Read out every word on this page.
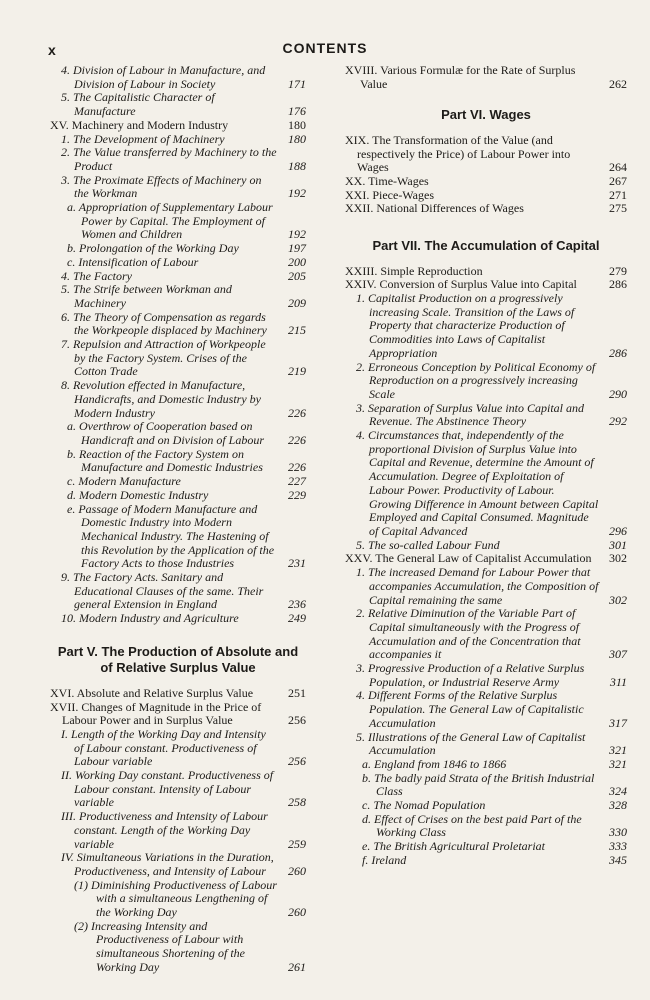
x	CONTENTS
4. Division of Labour in Manufacture, and Division of Labour in Society	171
5. The Capitalistic Character of Manufacture	176
XV. Machinery and Modern Industry	180
1. The Development of Machinery	180
2. The Value transferred by Machinery to the Product	188
3. The Proximate Effects of Machinery on the Workman	192
a. Appropriation of Supplementary Labour Power by Capital. The Employment of Women and Children	192
b. Prolongation of the Working Day	197
c. Intensification of Labour	200
4. The Factory	205
5. The Strife between Workman and Machinery	209
6. The Theory of Compensation as regards the Workpeople displaced by Machinery	215
7. Repulsion and Attraction of Workpeople by the Factory System. Crises of the Cotton Trade	219
8. Revolution effected in Manufacture, Handicrafts, and Domestic Industry by Modern Industry	226
a. Overthrow of Cooperation based on Handicraft and on Division of Labour	226
b. Reaction of the Factory System on Manufacture and Domestic Industries	226
c. Modern Manufacture	227
d. Modern Domestic Industry	229
e. Passage of Modern Manufacture and Domestic Industry into Modern Mechanical Industry. The Hastening of this Revolution by the Application of the Factory Acts to those Industries	231
9. The Factory Acts. Sanitary and Educational Clauses of the same. Their general Extension in England	236
10. Modern Industry and Agriculture	249
Part V. The Production of Absolute and of Relative Surplus Value
XVI. Absolute and Relative Surplus Value	251
XVII. Changes of Magnitude in the Price of Labour Power and in Surplus Value	256
I. Length of the Working Day and Intensity of Labour constant. Productiveness of Labour variable	256
II. Working Day constant. Productiveness of Labour constant. Intensity of Labour variable	258
III. Productiveness and Intensity of Labour constant. Length of the Working Day variable	259
IV. Simultaneous Variations in the Duration, Productiveness, and Intensity of Labour	260
(1) Diminishing Productiveness of Labour with a simultaneous Lengthening of the Working Day	260
(2) Increasing Intensity and Productiveness of Labour with simultaneous Shortening of the Working Day	261
XVIII. Various Formulæ for the Rate of Surplus Value	262
Part VI. Wages
XIX. The Transformation of the Value (and respectively the Price) of Labour Power into Wages	264
XX. Time-Wages	267
XXI. Piece-Wages	271
XXII. National Differences of Wages	275
Part VII. The Accumulation of Capital
XXIII. Simple Reproduction	279
XXIV. Conversion of Surplus Value into Capital	286
1. Capitalist Production on a progressively increasing Scale. Transition of the Laws of Property that characterize Production of Commodities into Laws of Capitalist Appropriation	286
2. Erroneous Conception by Political Economy of Reproduction on a progressively increasing Scale	290
3. Separation of Surplus Value into Capital and Revenue. The Abstinence Theory	292
4. Circumstances that, independently of the proportional Division of Surplus Value into Capital and Revenue, determine the Amount of Accumulation. Degree of Exploitation of Labour Power. Productivity of Labour. Growing Difference in Amount between Capital Employed and Capital Consumed. Magnitude of Capital Advanced	296
5. The so-called Labour Fund	301
XXV. The General Law of Capitalist Accumulation	302
1. The increased Demand for Labour Power that accompanies Accumulation, the Composition of Capital remaining the same	302
2. Relative Diminution of the Variable Part of Capital simultaneously with the Progress of Accumulation and of the Concentration that accompanies it	307
3. Progressive Production of a Relative Surplus Population, or Industrial Reserve Army	311
4. Different Forms of the Relative Surplus Population. The General Law of Capitalistic Accumulation	317
5. Illustrations of the General Law of Capitalist Accumulation	321
a. England from 1846 to 1866	321
b. The badly paid Strata of the British Industrial Class	324
c. The Nomad Population	328
d. Effect of Crises on the best paid Part of the Working Class	330
e. The British Agricultural Proletariat	333
f. Ireland	345
